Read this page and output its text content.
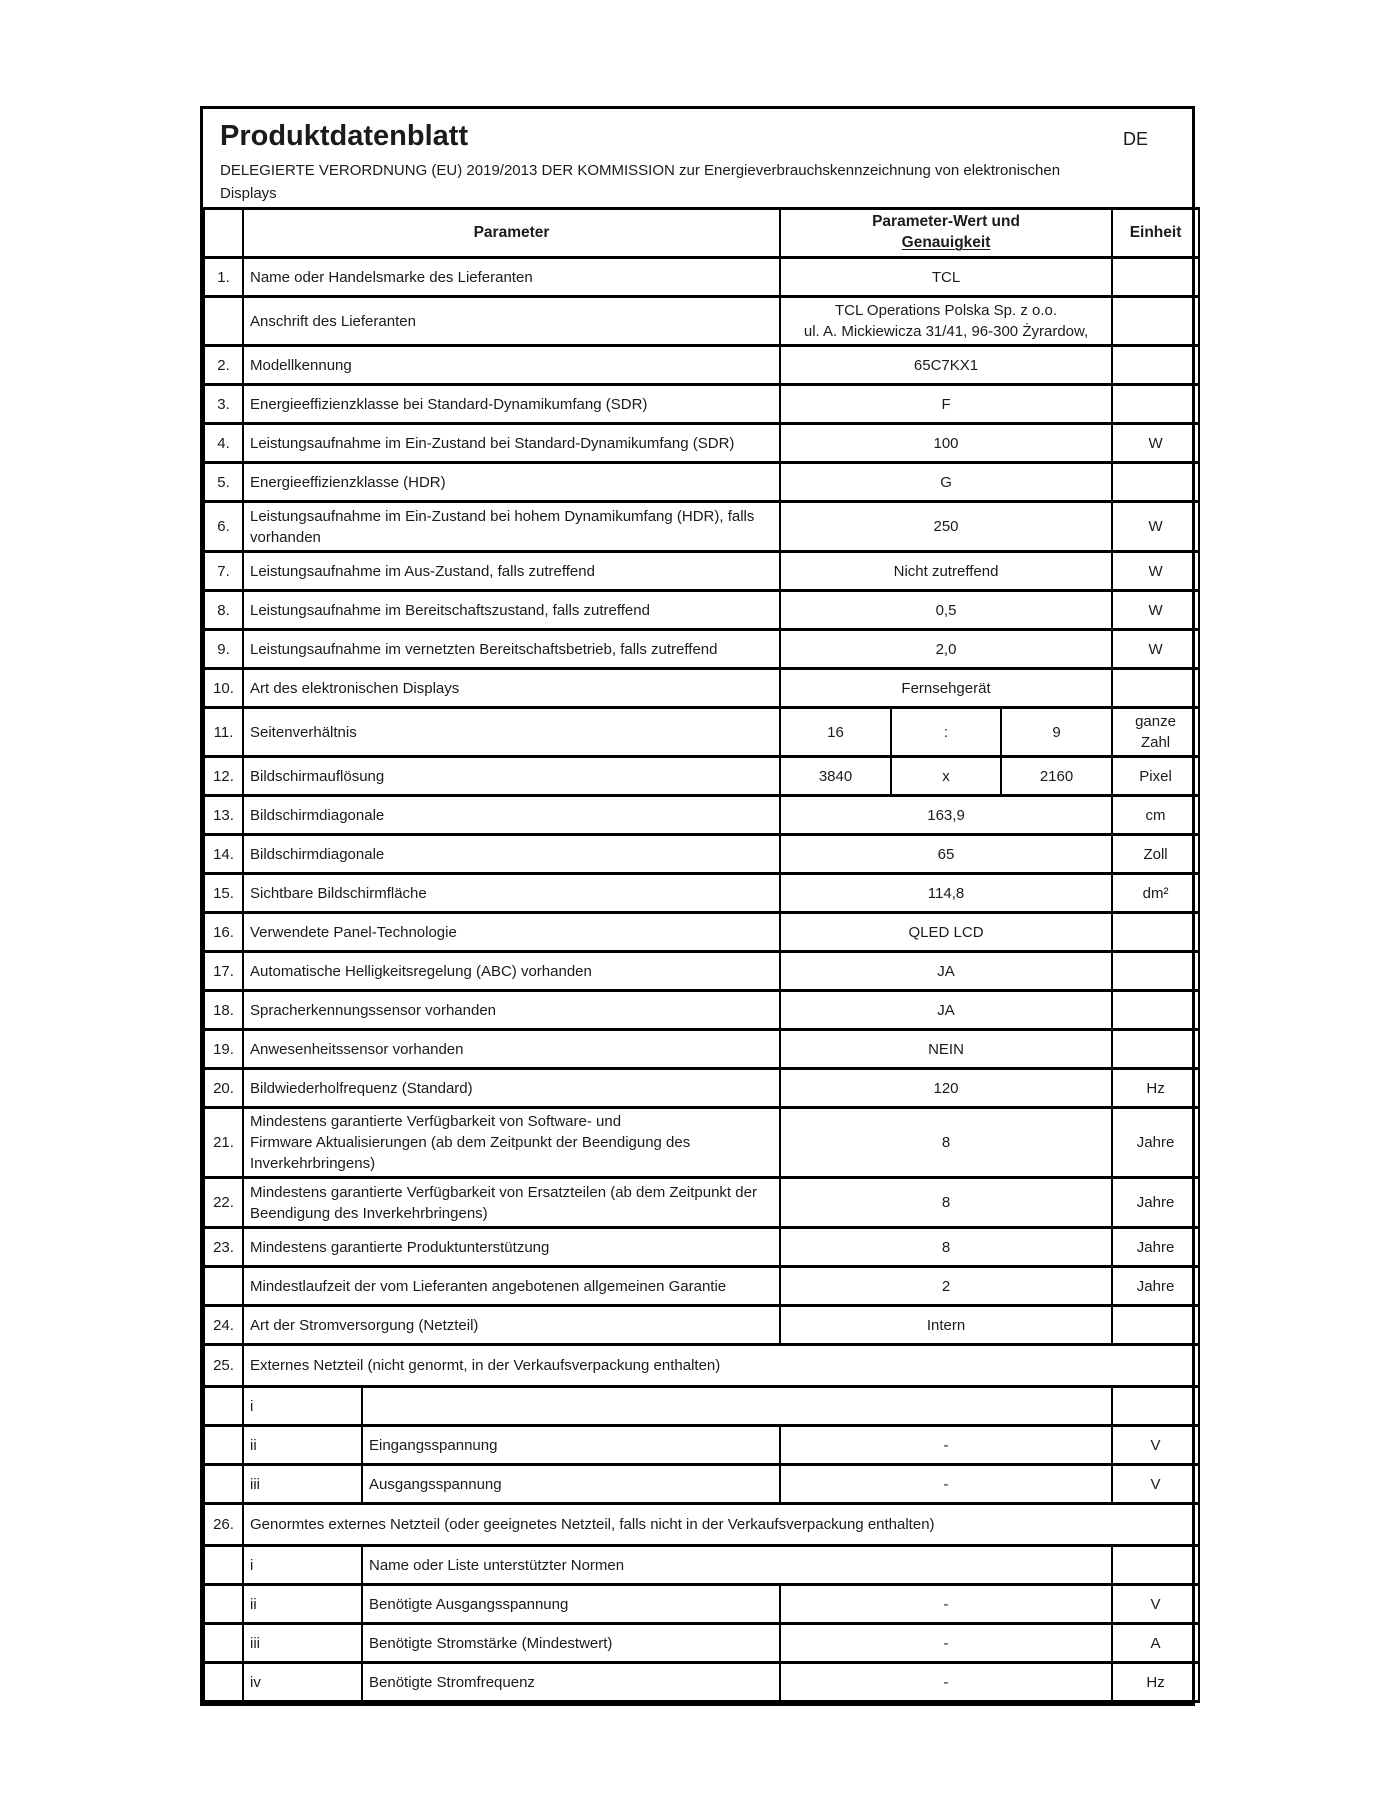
Produktdatenblatt	DE
DELEGIERTE VERORDNUNG (EU) 2019/2013 DER KOMMISSION zur Energieverbrauchskennzeichnung von elektronischen
Displays
	Parameter		Parameter-Wert und
Genauigkeit			Einheit
1.	Name oder Handelsmarke des Lieferanten		TCL			
	Anschrift des Lieferanten		TCL Operations Polska Sp. z o.o.
ul. A. Mickiewicza 31/41, 96-300 Żyrardow,			

2.	Modellkennung		65C7KX1			
3.	Energieeffizienzklasse bei Standard-Dynamikumfang (SDR)		F			
4.	Leistungsaufnahme im Ein-Zustand bei Standard-Dynamikumfang (SDR)		100			W
5.	Energieeffizienzklasse (HDR)		G			
6.	Leistungsaufnahme im Ein-Zustand bei hohem Dynamikumfang (HDR), falls
vorhanden		250			W
7.	Leistungsaufnahme im Aus-Zustand, falls zutreffend		Nicht zutreffend			W
8.	Leistungsaufnahme im Bereitschaftszustand, falls zutreffend		0,5			W
9.	Leistungsaufnahme im vernetzten Bereitschaftsbetrieb, falls zutreffend		2,0			W
10.	Art des elektronischen Displays		Fernsehgerät			
11.	Seitenverhältnis		16	:	9	ganze Zahl
12.	Bildschirmauflösung		3840	x	2160	Pixel
13.	Bildschirmdiagonale		163,9			cm
14.	Bildschirmdiagonale		65			Zoll
15.	Sichtbare Bildschirmfläche		114,8			dm²
16.	Verwendete Panel-Technologie		QLED LCD			
17.	Automatische Helligkeitsregelung (ABC) vorhanden		JA			
18.	Spracherkennungssensor vorhanden		JA			
19.	Anwesenheitssensor vorhanden		NEIN			
20.	Bildwiederholfrequenz (Standard)		120			Hz
21.	Mindestens garantierte Verfügbarkeit von Software- und
Firmware Aktualisierungen (ab dem Zeitpunkt der Beendigung des
Inverkehrbringens)		8			Jahre
22.	Mindestens garantierte Verfügbarkeit von Ersatzteilen (ab dem Zeitpunkt der
Beendigung des Inverkehrbringens)		8			Jahre
23.	Mindestens garantierte Produktunterstützung		8			Jahre
	Mindestlaufzeit der vom Lieferanten angebotenen allgemeinen Garantie		2			Jahre
24.	Art der Stromversorgung (Netzteil)		Intern			
25.	Externes Netzteil (nicht genormt, in der Verkaufsverpackung enthalten)					
	i					
	ii	Eingangsspannung	-			V
	iii	Ausgangsspannung	-			V
26.	Genormtes externes Netzteil (oder geeignetes Netzteil, falls nicht in der Verkaufsverpackung enthalten)					
	i	Name oder Liste unterstützter Normen				
	ii	Benötigte Ausgangsspannung	-			V
	iii	Benötigte Stromstärke (Mindestwert)	-			A
	iv	Benötigte Stromfrequenz	-			Hz
